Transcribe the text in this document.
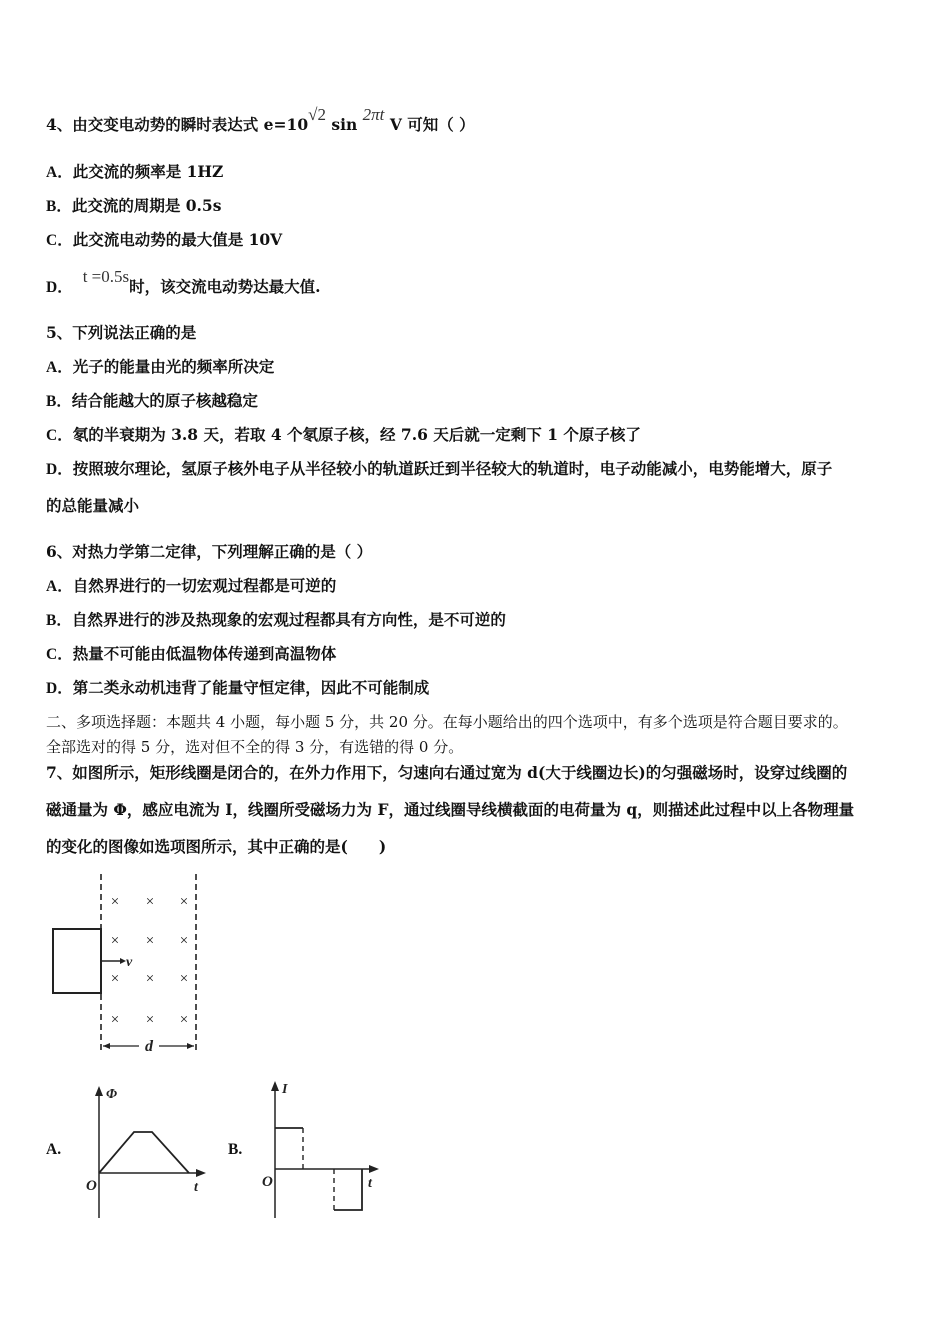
4、由交变电动势的瞬时表达式 e=10√2 sin 2πt V 可知（ ）
A．此交流的频率是 1HZ
B．此交流的周期是 0.5s
C．此交流电动势的最大值是 10V
D．t =0.5s时，该交流电动势达最大值.
5、下列说法正确的是
A．光子的能量由光的频率所决定
B．结合能越大的原子核越稳定
C．氡的半衰期为 3.8 天，若取 4 个氡原子核，经 7.6 天后就一定剩下 1 个原子核了
D．按照玻尔理论，氢原子核外电子从半径较小的轨道跃迁到半径较大的轨道时，电子动能减小，电势能增大，原子
的总能量减小
6、对热力学第二定律，下列理解正确的是（ ）
A．自然界进行的一切宏观过程都是可逆的
B．自然界进行的涉及热现象的宏观过程都具有方向性，是不可逆的
C．热量不可能由低温物体传递到高温物体
D．第二类永动机违背了能量守恒定律，因此不可能制成
二、多项选择题：本题共 4 小题，每小题 5 分，共 20 分。在每小题给出的四个选项中，有多个选项是符合题目要求的。
全部选对的得 5 分，选对但不全的得 3 分，有选错的得 0 分。
7、如图所示，矩形线圈是闭合的，在外力作用下，匀速向右通过宽为 d(大于线圈边长)的匀强磁场时，设穿过线圈的
磁通量为 Φ，感应电流为 I，线圈所受磁场力为 F，通过线圈导线横截面的电荷量为 q，则描述此过程中以上各物理量
的变化的图像如选项图所示，其中正确的是(　　)
× × ×
× × ×
× × ×
× × ×
v
d
A.
Φ
O	t
B.
I
O	t
